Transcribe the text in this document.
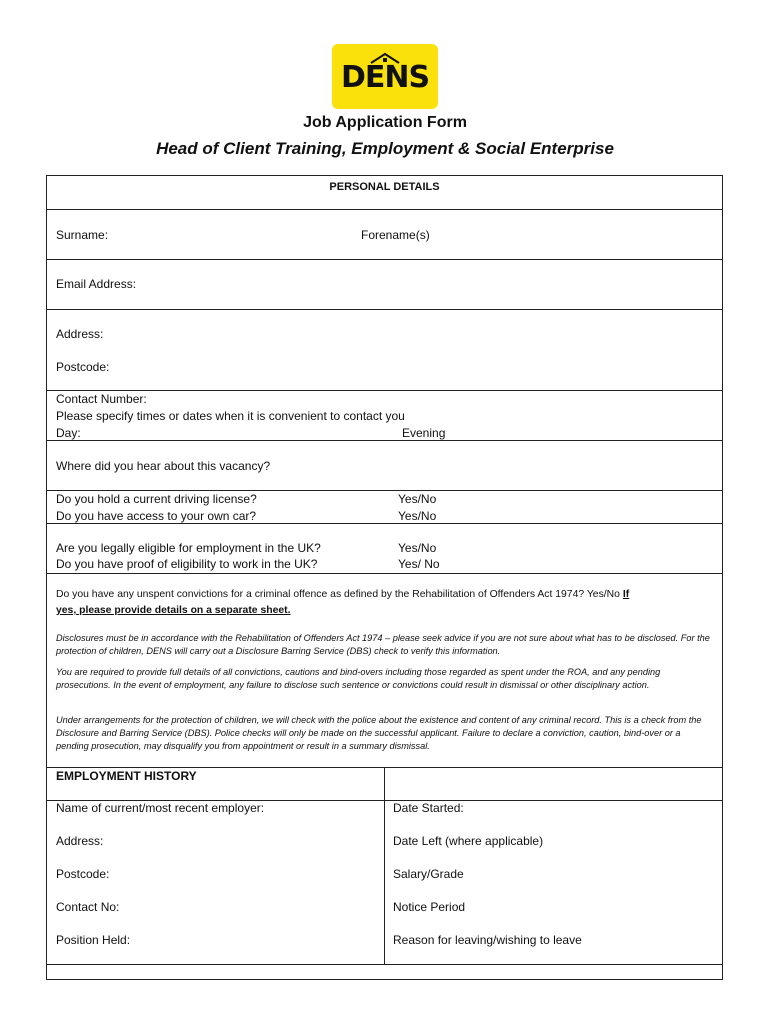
DENS
Job Application Form
Head of Client Training, Employment & Social Enterprise
PERSONAL DETAILS
Surname:	Forename(s)
Email Address:
Address:
Postcode:
Contact Number:
Please specify times or dates when it is convenient to contact you
Day:	Evening
Where did you hear about this vacancy?
Do you hold a current driving license?	Yes/No
Do you have access to your own car?	Yes/No
Are you legally eligible for employment in the UK?	Yes/No
Do you have proof of eligibility to work in the UK?	Yes/ No
Do you have any unspent convictions for a criminal offence as defined by the Rehabilitation of Offenders Act 1974? Yes/No If
yes, please provide details on a separate sheet.
Disclosures must be in accordance with the Rehabilitation of Offenders Act 1974 – please seek advice if you are not sure about what has to be disclosed. For the protection of children, DENS will carry out a Disclosure Barring Service (DBS) check to verify this information.
You are required to provide full details of all convictions, cautions and bind-overs including those regarded as spent under the ROA, and any pending prosecutions. In the event of employment, any failure to disclose such sentence or convictions could result in dismissal or other disciplinary action.
Under arrangements for the protection of children, we will check with the police about the existence and content of any criminal record. This is a check from the Disclosure and Barring Service (DBS). Police checks will only be made on the successful applicant. Failure to declare a conviction, caution, bind-over or a pending prosecution, may disqualify you from appointment or result in a summary dismissal.
EMPLOYMENT HISTORY
Name of current/most recent employer:	Date Started:
Address:	Date Left (where applicable)
Postcode:	Salary/Grade
Contact No:	Notice Period
Position Held:	Reason for leaving/wishing to leave
